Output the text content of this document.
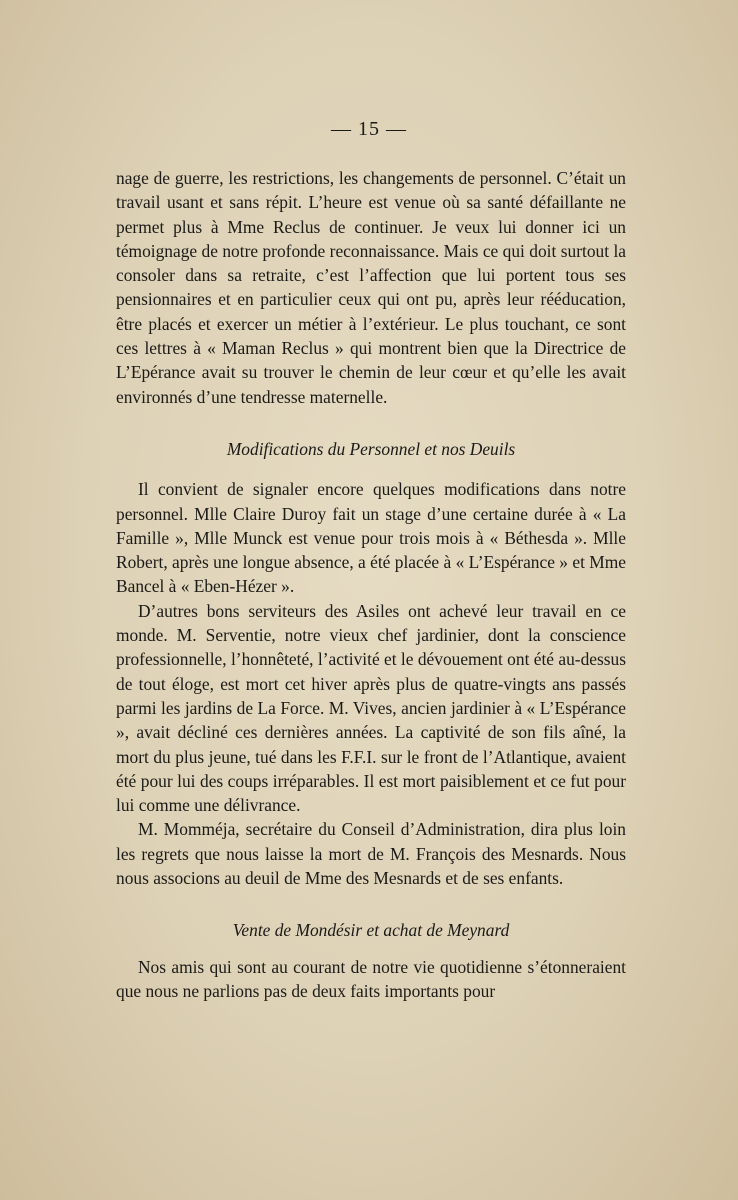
— 15 —

nage de guerre, les restrictions, les changements de personnel. C’était un travail usant et sans répit. L’heure est venue où sa santé défaillante ne permet plus à Mme Reclus de continuer. Je veux lui donner ici un témoignage de notre profonde reconnaissance. Mais ce qui doit surtout la consoler dans sa retraite, c’est l’affection que lui portent tous ses pensionnaires et en particulier ceux qui ont pu, après leur rééducation, être placés et exercer un métier à l’extérieur. Le plus touchant, ce sont ces lettres à « Maman Reclus » qui montrent bien que la Directrice de L’Epérance avait su trouver le chemin de leur cœur et qu’elle les avait environnés d’une tendresse maternelle.

Modifications du Personnel et nos Deuils

Il convient de signaler encore quelques modifications dans notre personnel. Mlle Claire Duroy fait un stage d’une certaine durée à « La Famille », Mlle Munck est venue pour trois mois à « Béthesda ». Mlle Robert, après une longue absence, a été placée à « L’Espérance » et Mme Bancel à « Eben-Hézer ».

D’autres bons serviteurs des Asiles ont achevé leur travail en ce monde. M. Serventie, notre vieux chef jardinier, dont la conscience professionnelle, l’honnêteté, l’activité et le dévouement ont été au-dessus de tout éloge, est mort cet hiver après plus de quatre-vingts ans passés parmi les jardins de La Force. M. Vives, ancien jardinier à « L’Espérance », avait décliné ces dernières années. La captivité de son fils aîné, la mort du plus jeune, tué dans les F.F.I. sur le front de l’Atlantique, avaient été pour lui des coups irréparables. Il est mort paisiblement et ce fut pour lui comme une délivrance.

M. Momméja, secrétaire du Conseil d’Administration, dira plus loin les regrets que nous laisse la mort de M. François des Mesnards. Nous nous associons au deuil de Mme des Mesnards et de ses enfants.

Vente de Mondésir et achat de Meynard

Nos amis qui sont au courant de notre vie quotidienne s’étonneraient que nous ne parlions pas de deux faits importants pour
